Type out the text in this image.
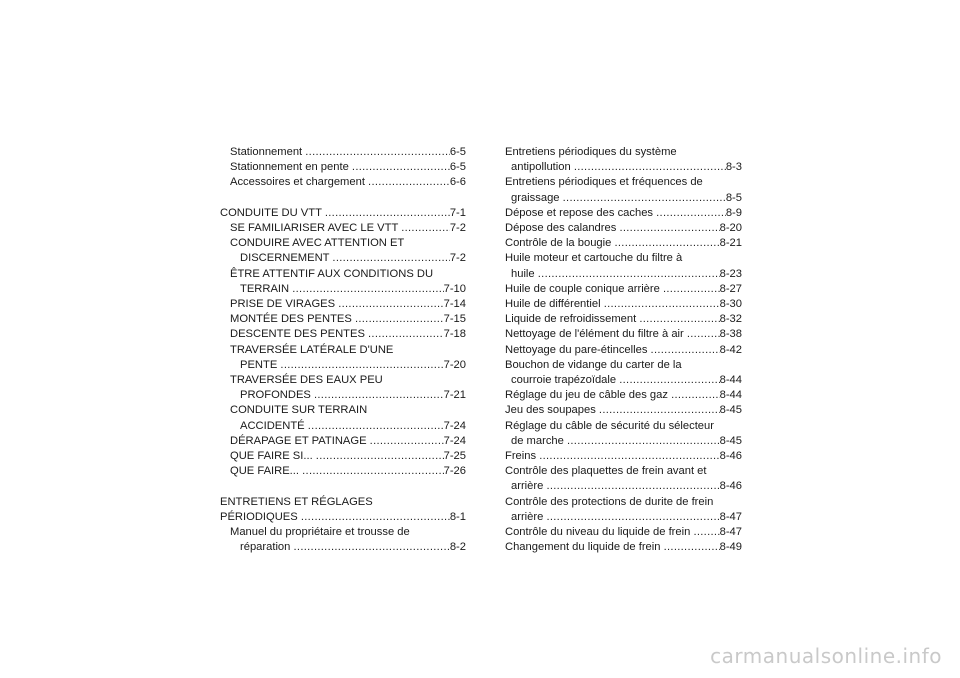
Stationnement .....	6-5
Stationnement en pente .....	6-5
Accessoires et chargement .....	6-6
CONDUITE DU VTT .....	7-1
SE FAMILIARISER AVEC LE VTT .....	7-2
CONDUIRE AVEC ATTENTION ET
DISCERNEMENT .....	7-2
ÊTRE ATTENTIF AUX CONDITIONS DU
TERRAIN .....	7-10
PRISE DE VIRAGES .....	7-14
MONTÉE DES PENTES .....	7-15
DESCENTE DES PENTES .....	7-18
TRAVERSÉE LATÉRALE D'UNE
PENTE .....	7-20
TRAVERSÉE DES EAUX PEU
PROFONDES .....	7-21
CONDUITE SUR TERRAIN
ACCIDENTÉ .....	7-24
DÉRAPAGE ET PATINAGE .....	7-24
QUE FAIRE SI... .....	7-25
QUE FAIRE... .....	7-26
ENTRETIENS ET RÉGLAGES
PÉRIODIQUES .....	8-1
Manuel du propriétaire et trousse de
réparation .....	8-2
Entretiens périodiques du système
antipollution .....	8-3
Entretiens périodiques et fréquences de
graissage .....	8-5
Dépose et repose des caches .....	8-9
Dépose des calandres .....	8-20
Contrôle de la bougie .....	8-21
Huile moteur et cartouche du filtre à
huile .....	8-23
Huile de couple conique arrière .....	8-27
Huile de différentiel .....	8-30
Liquide de refroidissement .....	8-32
Nettoyage de l'élément du filtre à air .....	8-38
Nettoyage du pare-étincelles .....	8-42
Bouchon de vidange du carter de la
courroie trapézoïdale .....	8-44
Réglage du jeu de câble des gaz .....	8-44
Jeu des soupapes .....	8-45
Réglage du câble de sécurité du sélecteur
de marche .....	8-45
Freins .....	8-46
Contrôle des plaquettes de frein avant et
arrière .....	8-46
Contrôle des protections de durite de frein
arrière .....	8-47
Contrôle du niveau du liquide de frein ..... 8-47
Changement du liquide de frein .....	8-49
carmanualsonline.info
